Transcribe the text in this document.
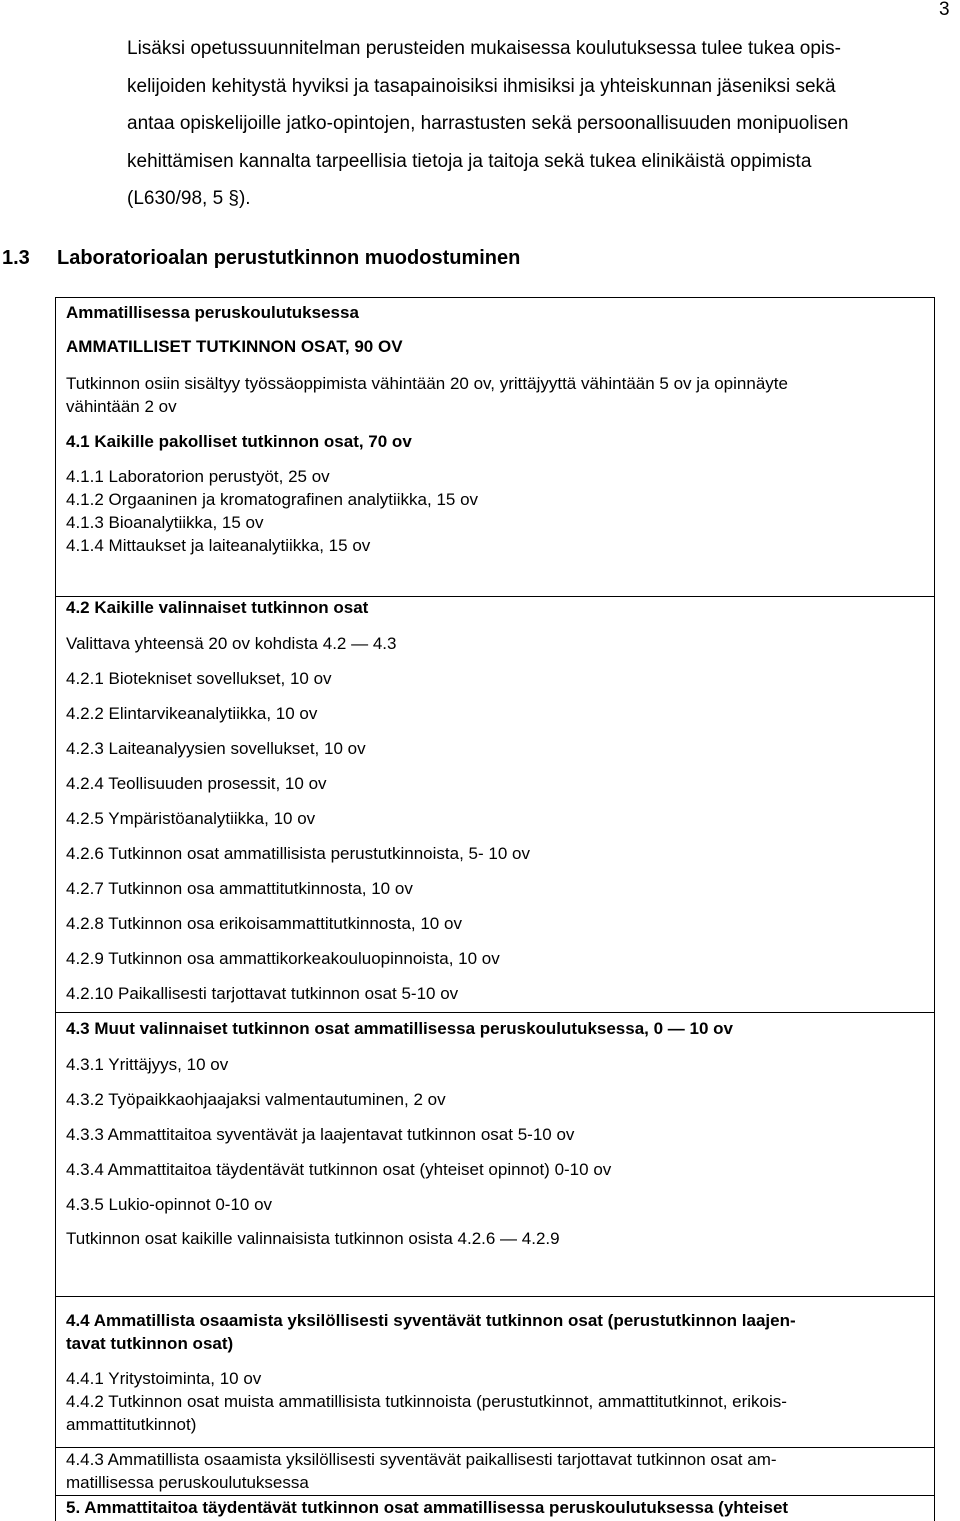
3
Lisäksi opetussuunnitelman perusteiden mukaisessa koulutuksessa tulee tukea opis-
kelijoiden kehitystä hyviksi ja tasapainoisiksi ihmisiksi ja yhteiskunnan jäseniksi sekä
antaa opiskelijoille jatko-opintojen, harrastusten sekä persoonallisuuden monipuolisen
kehittämisen kannalta tarpeellisia tietoja ja taitoja sekä tukea elinikäistä oppimista
(L630/98, 5 §).
1.3 Laboratorioalan perustutkinnon muodostuminen
Ammatillisessa peruskoulutuksessa
AMMATILLISET TUTKINNON OSAT, 90 OV
Tutkinnon osiin sisältyy työssäoppimista vähintään 20 ov, yrittäjyyttä vähintään 5 ov ja opinnäyte
vähintään 2 ov
4.1 Kaikille pakolliset tutkinnon osat, 70 ov
4.1.1 Laboratorion perustyöt, 25 ov
4.1.2 Orgaaninen ja kromatografinen analytiikka, 15 ov
4.1.3 Bioanalytiikka, 15 ov
4.1.4 Mittaukset ja laiteanalytiikka, 15 ov
4.2 Kaikille valinnaiset tutkinnon osat
Valittava yhteensä 20 ov kohdista 4.2 — 4.3
4.2.1 Biotekniset sovellukset, 10 ov
4.2.2 Elintarvikeanalytiikka, 10 ov
4.2.3 Laiteanalyysien sovellukset, 10 ov
4.2.4 Teollisuuden prosessit, 10 ov
4.2.5 Ympäristöanalytiikka, 10 ov
4.2.6 Tutkinnon osat ammatillisista perustutkinnoista, 5- 10 ov
4.2.7 Tutkinnon osa ammattitutkinnosta, 10 ov
4.2.8 Tutkinnon osa erikoisammattitutkinnosta, 10 ov
4.2.9 Tutkinnon osa ammattikorkeakouluopinnoista, 10 ov
4.2.10 Paikallisesti tarjottavat tutkinnon osat 5-10 ov
4.3 Muut valinnaiset tutkinnon osat ammatillisessa peruskoulutuksessa, 0 — 10 ov
4.3.1 Yrittäjyys, 10 ov
4.3.2 Työpaikkaohjaajaksi valmentautuminen, 2 ov
4.3.3 Ammattitaitoa syventävät ja laajentavat tutkinnon osat 5-10 ov
4.3.4 Ammattitaitoa täydentävät tutkinnon osat (yhteiset opinnot) 0-10 ov
4.3.5 Lukio-opinnot 0-10 ov
Tutkinnon osat kaikille valinnaisista tutkinnon osista 4.2.6 — 4.2.9
4.4 Ammatillista osaamista yksilöllisesti syventävät tutkinnon osat (perustutkinnon laajen-
tavat tutkinnon osat)
4.4.1 Yritystoiminta, 10 ov
4.4.2 Tutkinnon osat muista ammatillisista tutkinnoista (perustutkinnot, ammattitutkinnot, erikois-
ammattitutkinnot)
4.4.3 Ammatillista osaamista yksilöllisesti syventävät paikallisesti tarjottavat tutkinnon osat am-
matillisessa peruskoulutuksessa
5. Ammattitaitoa täydentävät tutkinnon osat ammatillisessa peruskoulutuksessa (yhteiset
